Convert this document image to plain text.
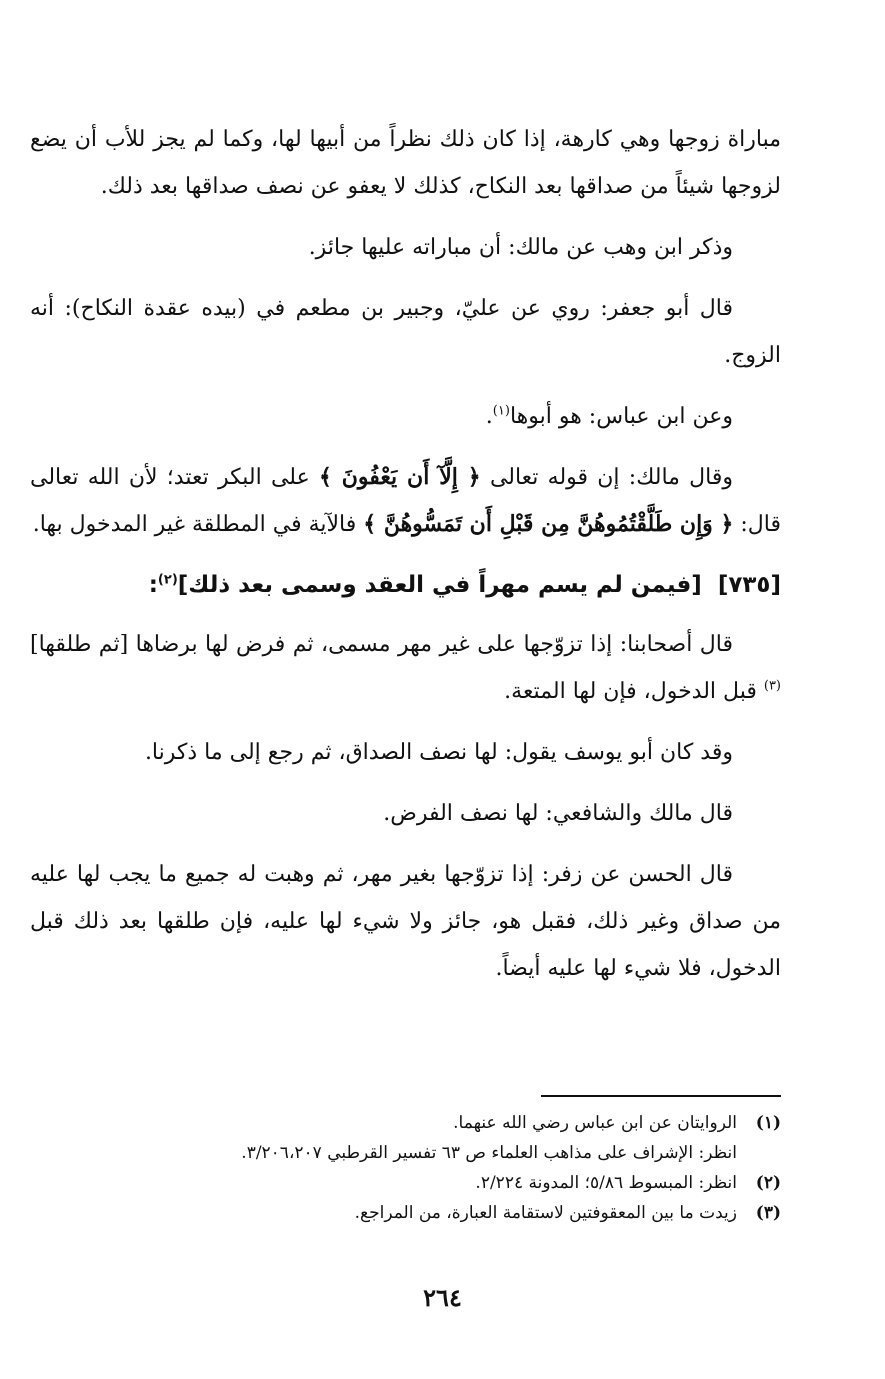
مباراة زوجها وهي كارهة، إذا كان ذلك نظراً من أبيها لها، وكما لم يجز للأب أن يضع لزوجها شيئاً من صداقها بعد النكاح، كذلك لا يعفو عن نصف صداقها بعد ذلك.

وذكر ابن وهب عن مالك: أن مباراته عليها جائز.

قال أبو جعفر: روي عن عليّ، وجبير بن مطعم في (بيده عقدة النكاح): أنه الزوج.

وعن ابن عباس: هو أبوها$^{(١)}$.

وقال مالك: إن قوله تعالى ﴿ إِلَّآ أَن يَعْفُونَ ﴾ على البكر تعتد؛ لأن الله تعالى قال: ﴿ وَإِن طَلَّقْتُمُوهُنَّ مِن قَبْلِ أَن تَمَسُّوهُنَّ ﴾ فالآية في المطلقة غير المدخول بها.

[٧٣٥]  [فيمن لم يسم مهراً في العقد وسمى بعد ذلك]$^{(٢)}$:

قال أصحابنا: إذا تزوّجها على غير مهر مسمى، ثم فرض لها برضاها [ثم طلقها]$^{(٣)}$ قبل الدخول، فإن لها المتعة.

وقد كان أبو يوسف يقول: لها نصف الصداق، ثم رجع إلى ما ذكرنا.

قال مالك والشافعي: لها نصف الفرض.

قال الحسن عن زفر: إذا تزوّجها بغير مهر، ثم وهبت له جميع ما يجب لها عليه من صداق وغير ذلك، فقبل هو، جائز ولا شيء لها عليه، فإن طلقها بعد ذلك قبل الدخول، فلا شيء لها عليه أيضاً.

(١)
الروايتان عن ابن عباس رضي الله عنهما.

انظر: الإشراف على مذاهب العلماء ص ٦٣ تفسير القرطبي ٣/٢٠٦،٢٠٧.

(٢)
انظر: المبسوط ٥/٨٦؛ المدونة ٢/٢٢٤.

(٣)
زيدت ما بين المعقوفتين لاستقامة العبارة، من المراجع.

٢٦٤
